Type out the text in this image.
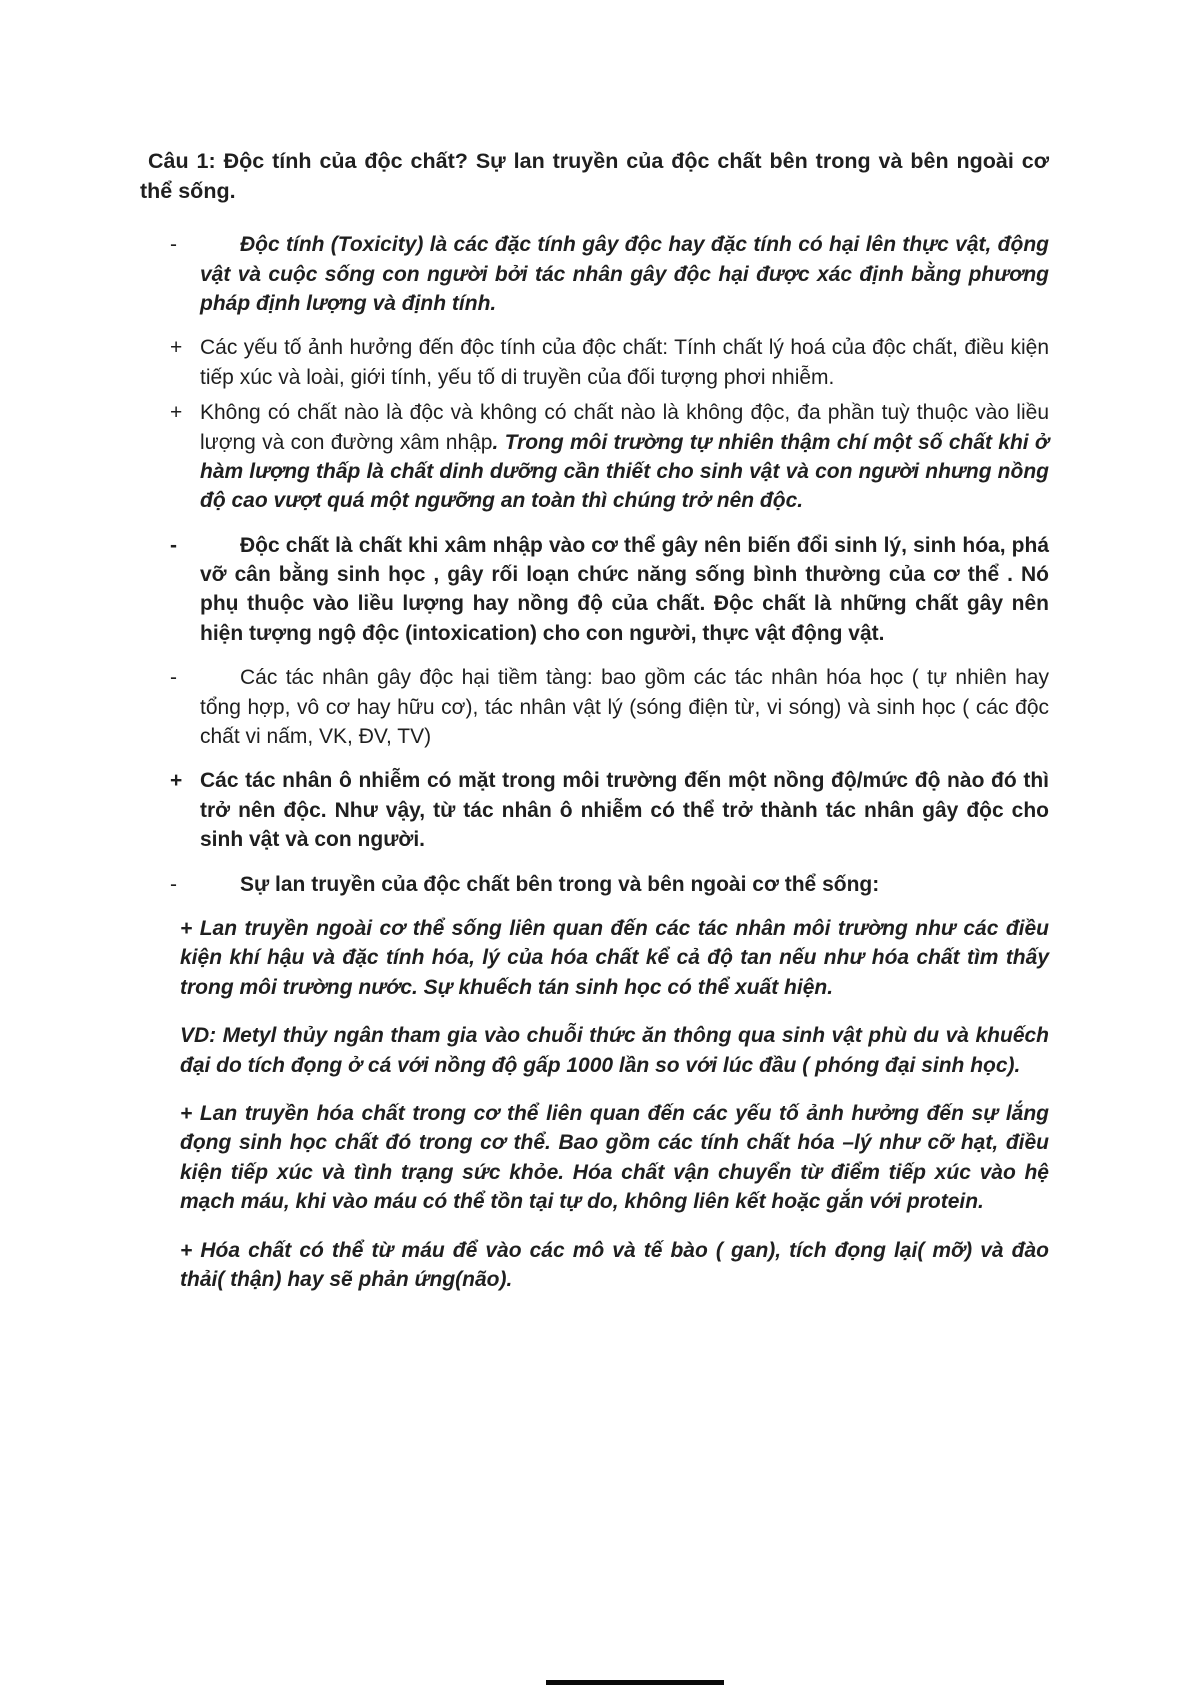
Câu 1: Độc tính của độc chất? Sự lan truyền của độc chất bên trong và bên ngoài cơ thể sống.
-	Độc tính (Toxicity) là các đặc tính gây độc hay đặc tính có hại lên thực vật, động vật và cuộc sống con người bởi tác nhân gây độc hại được xác định bằng phương pháp định lượng và định tính.

+ Các yếu tố ảnh hưởng đến độc tính của độc chất: Tính chất lý hoá của độc chất, điều kiện tiếp xúc và loài, giới tính, yếu tố di truyền của đối tượng phơi nhiễm.

+ Không có chất nào là độc và không có chất nào là không độc, đa phần tuỳ thuộc vào liều lượng và con đường xâm nhập. Trong môi trường tự nhiên thậm chí một số chất khi ở hàm lượng thấp là chất dinh dưỡng cần thiết cho sinh vật và con người nhưng nồng độ cao vượt quá một ngưỡng an toàn thì chúng trở nên độc.

-	Độc chất là chất khi xâm nhập vào cơ thể gây nên biến đổi sinh lý, sinh hóa, phá vỡ cân bằng sinh học , gây rối loạn chức năng sống bình thường của cơ thể . Nó phụ thuộc vào liều lượng hay nồng độ của chất. Độc chất là những chất gây nên hiện tượng ngộ độc (intoxication) cho con người, thực vật động vật.

-	Các tác nhân gây độc hại tiềm tàng: bao gồm các tác nhân hóa học ( tự nhiên hay tổng hợp, vô cơ hay hữu cơ), tác nhân vật lý (sóng điện từ, vi sóng) và sinh học ( các độc chất vi nấm, VK, ĐV, TV)

+ Các tác nhân ô nhiễm có mặt trong môi trường đến một nồng độ/mức độ nào đó thì trở nên độc. Như vậy, từ tác nhân ô nhiễm có thể trở thành tác nhân gây độc cho sinh vật và con người.

-	Sự lan truyền của độc chất bên trong và bên ngoài cơ thể sống:

+ Lan truyền ngoài cơ thể sống liên quan đến các tác nhân môi trường như các điều kiện khí hậu và đặc tính hóa, lý của hóa chất kể cả độ tan nếu như hóa chất tìm thấy trong môi trường nước. Sự khuếch tán sinh học có thể xuất hiện.

VD: Metyl thủy ngân tham gia vào chuỗi thức ăn thông qua sinh vật phù du và khuếch đại do tích đọng ở cá với nồng độ gấp 1000 lần so với lúc đầu ( phóng đại sinh học).

+ Lan truyền hóa chất trong cơ thể liên quan đến các yếu tố ảnh hưởng đến sự lắng đọng sinh học chất đó trong cơ thể. Bao gồm các tính chất hóa –lý như cỡ hạt, điều kiện tiếp xúc và tình trạng sức khỏe. Hóa chất vận chuyển từ điểm tiếp xúc vào hệ mạch máu, khi vào máu có thể tồn tại tự do, không liên kết hoặc gắn với protein.

+ Hóa chất có thể từ máu để vào các mô và tế bào ( gan), tích đọng lại( mỡ) và đào thải( thận) hay sẽ phản ứng(não).
